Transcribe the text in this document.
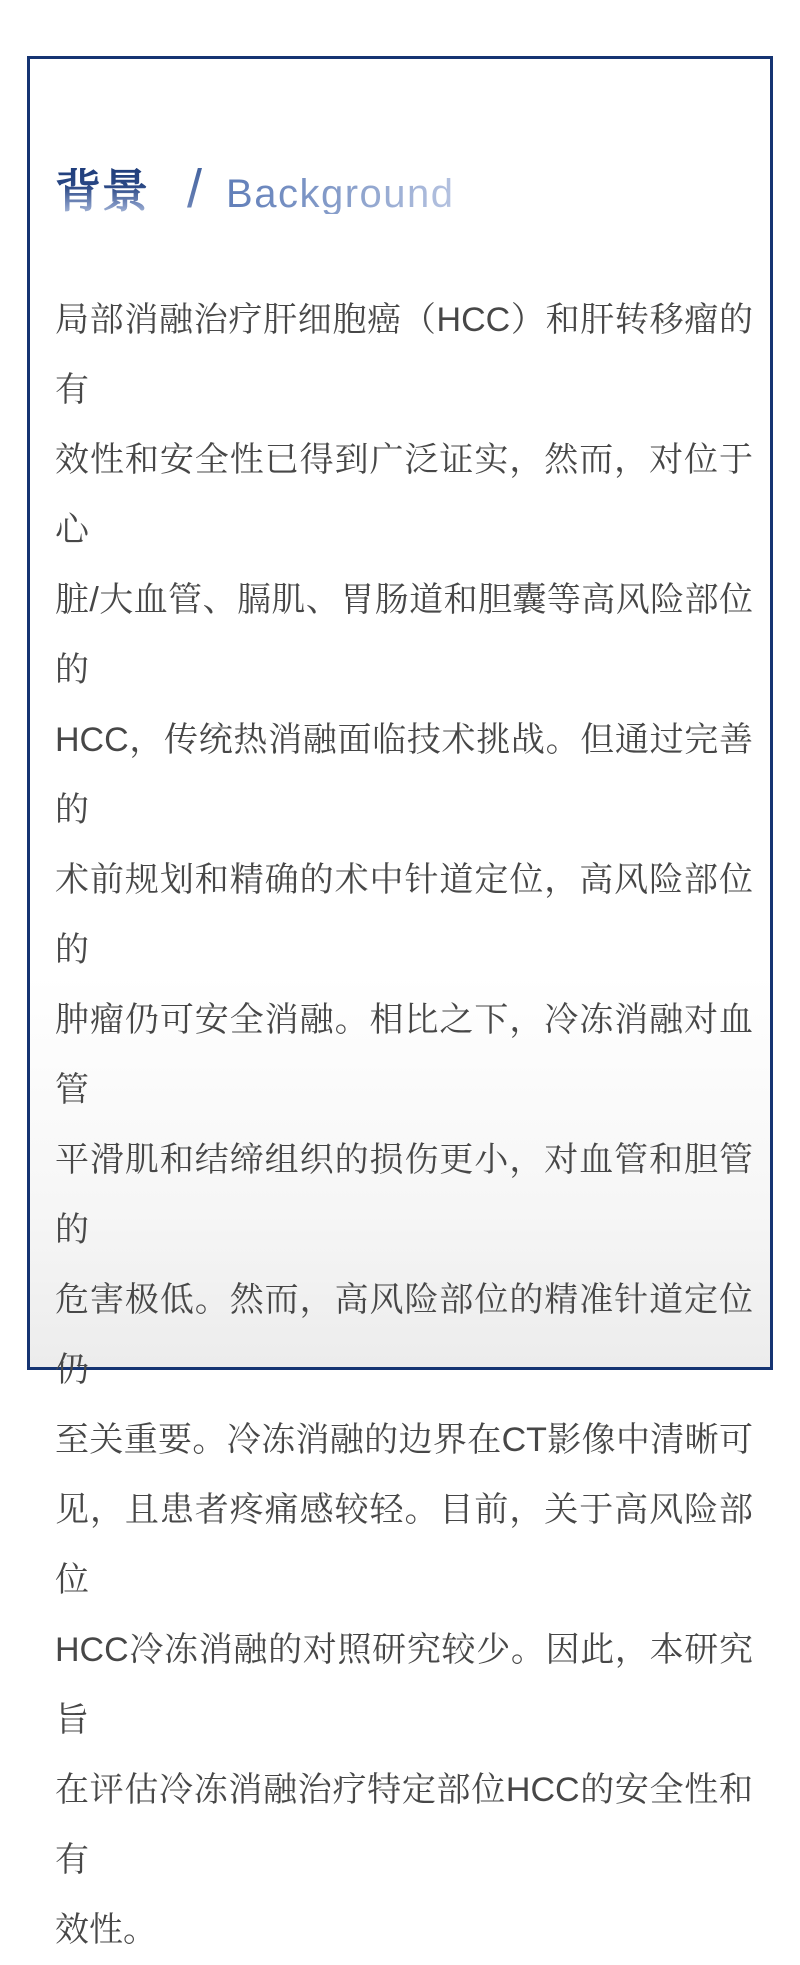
背景 / Background
局部消融治疗肝细胞癌（HCC）和肝转移瘤的有
效性和安全性已得到广泛证实，然而，对位于心
脏/大血管、膈肌、胃肠道和胆囊等高风险部位的
HCC，传统热消融面临技术挑战。但通过完善的
术前规划和精确的术中针道定位，高风险部位的
肿瘤仍可安全消融。相比之下，冷冻消融对血管
平滑肌和结缔组织的损伤更小，对血管和胆管的
危害极低。然而，高风险部位的精准针道定位仍
至关重要。冷冻消融的边界在CT影像中清晰可
见，且患者疼痛感较轻。目前，关于高风险部位
HCC冷冻消融的对照研究较少。因此，本研究旨
在评估冷冻消融治疗特定部位HCC的安全性和有
效性。
